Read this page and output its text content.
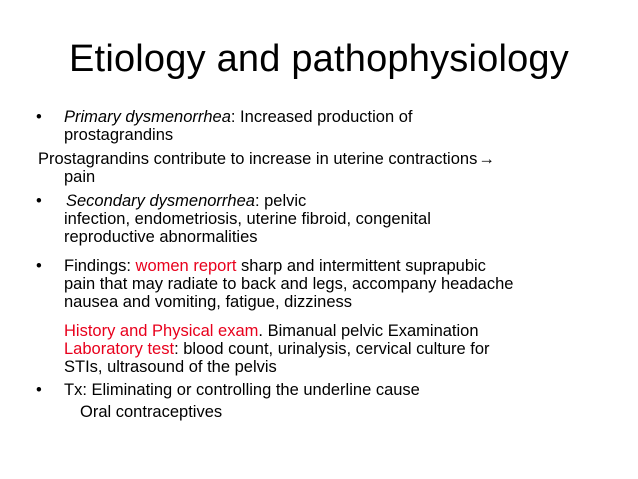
Etiology and pathophysiology
•	Primary dysmenorrhea: Increased production of
prostagrandins
Prostagrandins contribute to increase in uterine contractions→
pain
•	Secondary dysmenorrhea: pelvic
infection, endometriosis, uterine fibroid, congenital
reproductive abnormalities
•	Findings: women report sharp and intermittent suprapubic
pain that may radiate to back and legs, accompany headache
nausea and vomiting, fatigue, dizziness
History and Physical exam. Bimanual pelvic Examination
Laboratory test: blood count, urinalysis, cervical culture for
STIs, ultrasound of the pelvis
•	Tx: Eliminating or controlling the underline cause
Oral contraceptives
